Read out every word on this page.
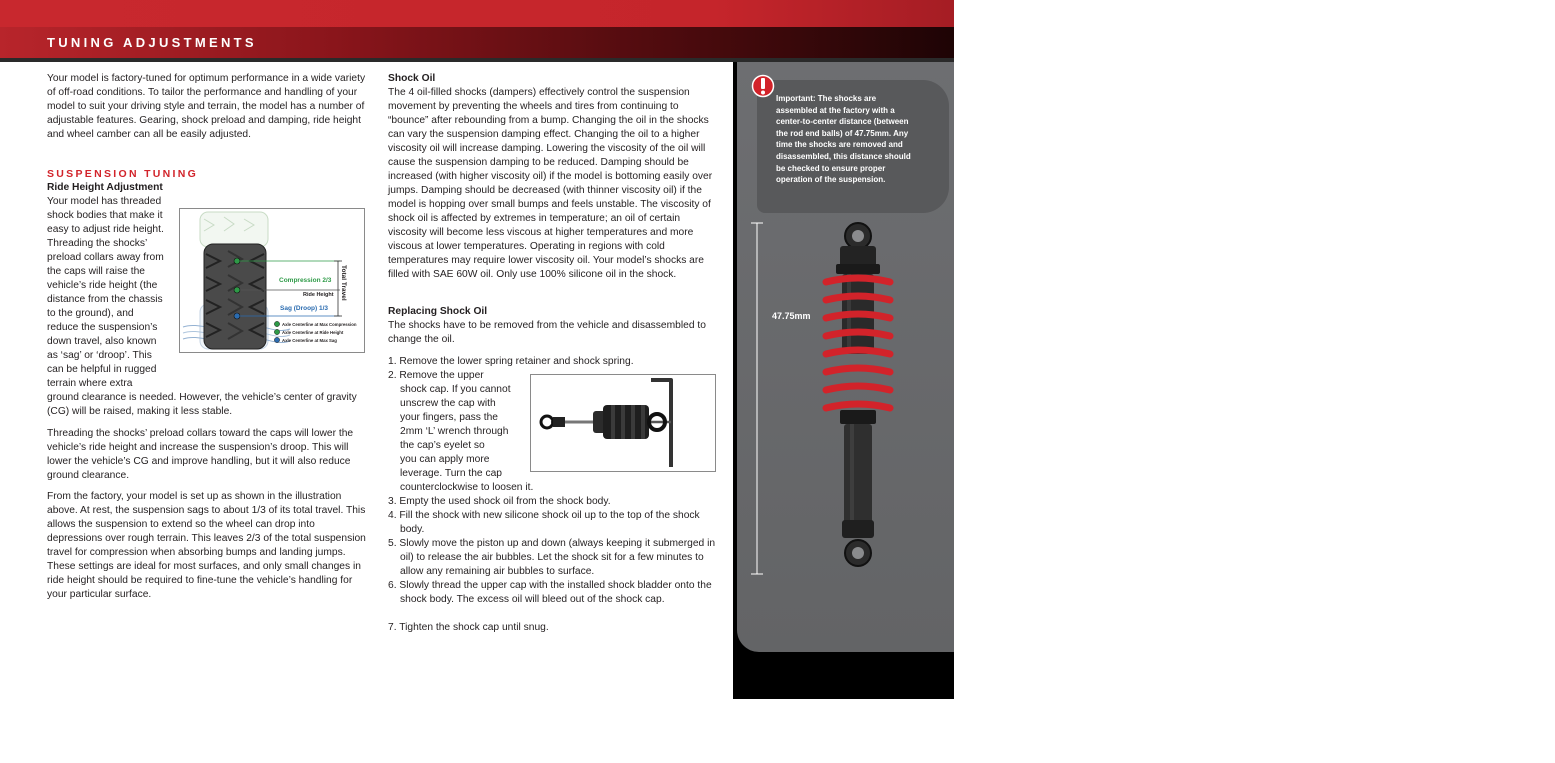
TUNING ADJUSTMENTS
Your model is factory-tuned for optimum performance in a wide variety of off-road conditions. To tailor the performance and handling of your model to suit your driving style and terrain, the model has a number of adjustable features. Gearing, shock preload and damping, ride height and wheel camber can all be easily adjusted.
SUSPENSION TUNING
Ride Height Adjustment
Your model has threaded
shock bodies that make it
easy to adjust ride height.
Threading the shocks’
preload collars away from
the caps will raise the
vehicle’s ride height (the
distance from the chassis
to the ground), and
reduce the suspension’s
down travel, also known
as ‘sag’ or ‘droop’. This
can be helpful in rugged
terrain where extra
ground clearance is needed. However, the vehicle’s center of gravity (CG) will be raised, making it less stable.
Threading the shocks’ preload collars toward the caps will lower the vehicle’s ride height and increase the suspension’s droop. This will lower the vehicle’s CG and improve handling, but it will also reduce ground clearance.
From the factory, your model is set up as shown in the illustration above. At rest, the suspension sags to about 1/3 of its total travel. This allows the suspension to extend so the wheel can drop into depressions over rough terrain. This leaves 2/3 of the total suspension travel for compression when absorbing bumps and landing jumps. These settings are ideal for most surfaces, and only small changes in ride height should be required to fine-tune the vehicle’s handling for your particular surface.
Compression 2/3
Ride Height
Sag (Droop) 1/3
Total Travel
Axle Centerline at Max Compression
Axle Centerline at Ride Height
Axle Centerline at Max Sag
Shock Oil
The 4 oil-filled shocks (dampers) effectively control the suspension movement by preventing the wheels and tires from continuing to “bounce” after rebounding from a bump. Changing the oil in the shocks can vary the suspension damping effect. Changing the oil to a higher viscosity oil will increase damping. Lowering the viscosity of the oil will cause the suspension damping to be reduced. Damping should be increased (with higher viscosity oil) if the model is bottoming easily over jumps. Damping should be decreased (with thinner viscosity oil) if the model is hopping over small bumps and feels unstable. The viscosity of shock oil is affected by extremes in temperature; an oil of certain viscosity will become less viscous at higher temperatures and more viscous at lower temperatures. Operating in regions with cold temperatures may require lower viscosity oil. Your model’s shocks are filled with SAE 60W oil. Only use 100% silicone oil in the shock.
Replacing Shock Oil
The shocks have to be removed from the vehicle and disassembled to change the oil.
1. Remove the lower spring retainer and shock spring.
2. Remove the upper
shock cap. If you cannot
unscrew the cap with
your fingers, pass the
2mm ‘L’ wrench through
the cap’s eyelet so
you can apply more
leverage. Turn the cap
counterclockwise to loosen it.
3. Empty the used shock oil from the shock body.
4. Fill the shock with new silicone shock oil up to the top of the shock body.
5. Slowly move the piston up and down (always keeping it submerged in oil) to release the air bubbles. Let the shock sit for a few minutes to allow any remaining air bubbles to surface.
6. Slowly thread the upper cap with the installed shock bladder onto the shock body. The excess oil will bleed out of the shock cap.
7. Tighten the shock cap until snug.
Important: The shocks are assembled at the factory with a center-to-center distance (between the rod end balls) of 47.75mm. Any time the shocks are removed and disassembled, this distance should be checked to ensure proper operation of the suspension.
47.75mm
1/16 E-REVO • 21
